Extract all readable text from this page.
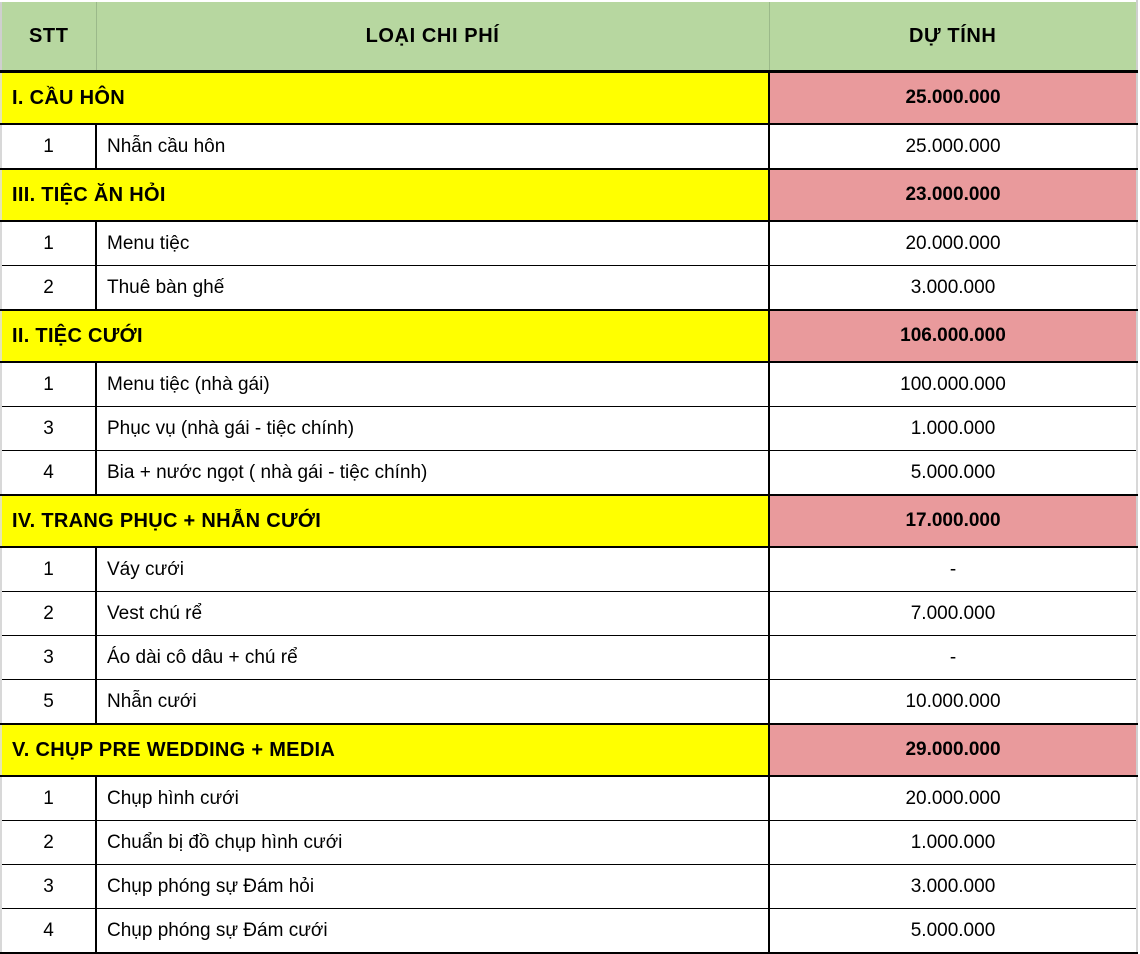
STT	LOẠI CHI PHÍ	DỰ TÍNH
I. CẦU HÔN		25.000.000
1	Nhẫn cầu hôn	25.000.000
III. TIỆC ĂN HỎI		23.000.000
1	Menu tiệc	20.000.000
2	Thuê bàn ghế	3.000.000
II. TIỆC CƯỚI		106.000.000
1	Menu tiệc (nhà gái)	100.000.000
3	Phục vụ (nhà gái - tiệc chính)	1.000.000
4	Bia + nước ngọt ( nhà gái - tiệc chính)	5.000.000
IV. TRANG PHỤC + NHẪN CƯỚI		17.000.000
1	Váy cưới	-
2	Vest chú rể	7.000.000
3	Áo dài cô dâu + chú rể	-
5	Nhẫn cưới	10.000.000
V. CHỤP PRE WEDDING + MEDIA		29.000.000
1	Chụp hình cưới	20.000.000
2	Chuẩn bị đồ chụp hình cưới	1.000.000
3	Chụp phóng sự Đám hỏi	3.000.000
4	Chụp phóng sự Đám cưới	5.000.000
